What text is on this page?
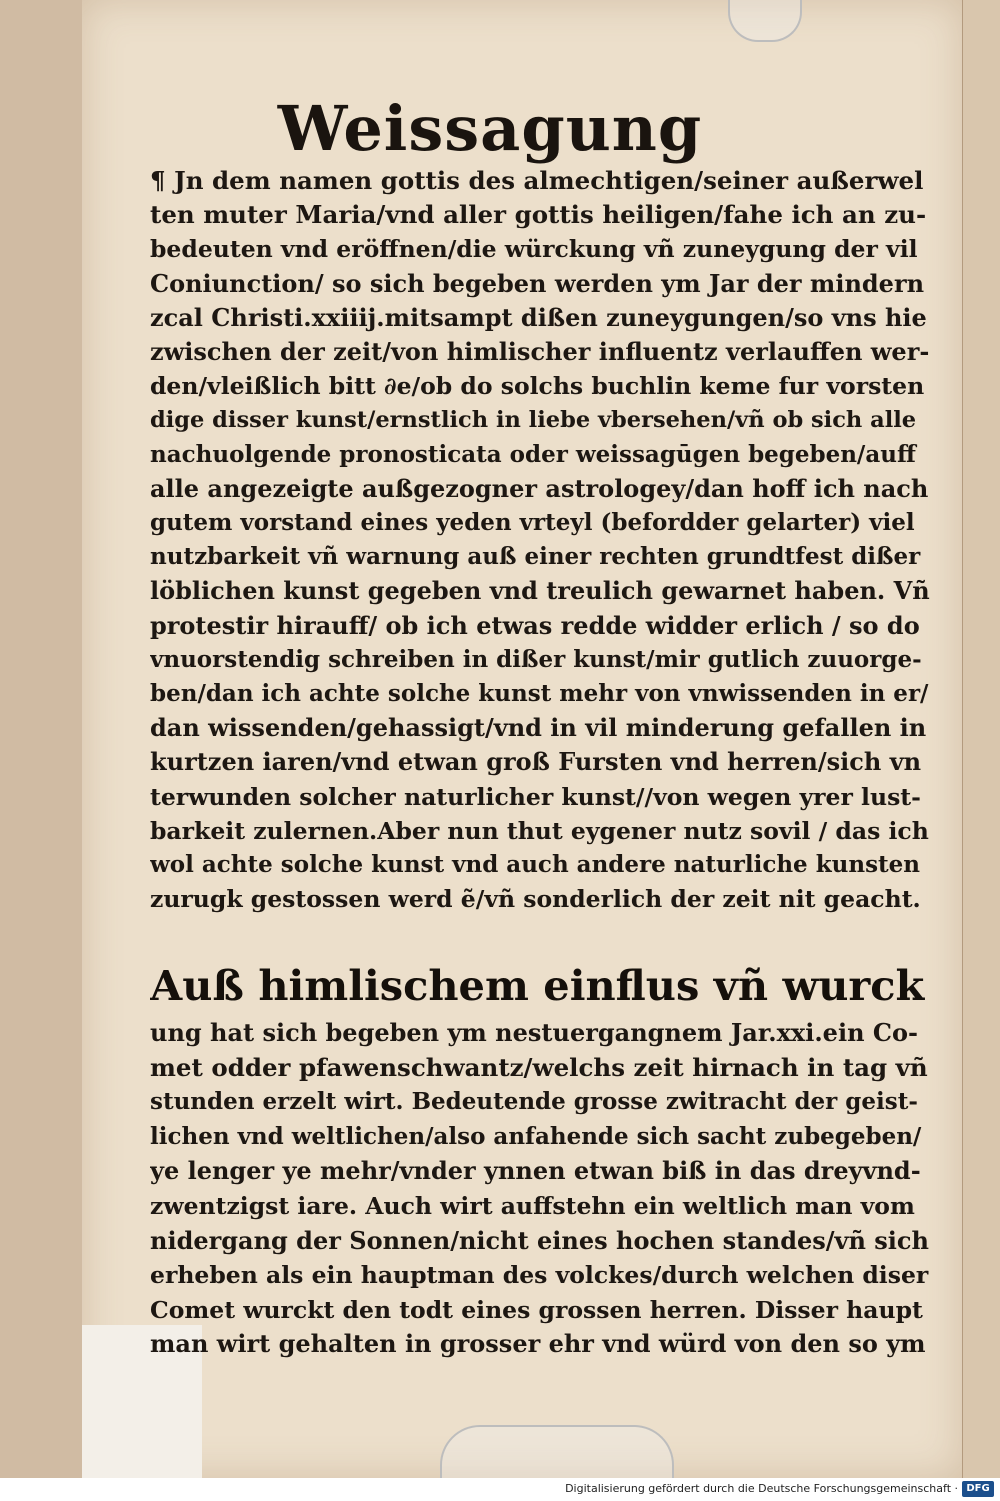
Weissagung
¶ Jn dem namen gottis des almechtigen/seiner außerwel
ten muter Maria/vnd aller gottis heiligen/fahe ich an zu-
bedeuten vnd eröffnen/die würckung vñ zuneygung der vil
Coniunction/ so sich begeben werden ym Jar der mindern
zcal Christi.xxiiij.mitsampt dißen zuneygungen/so vns hie
zwischen der zeit/von himlischer influentz verlauffen wer-
den/vleißlich bitt ∂e/ob do solchs buchlin keme fur vorsten
dige disser kunst/ernstlich in liebe vbersehen/vñ ob sich alle
nachuolgende pronosticata oder weissagūgen begeben/auff
alle angezeigte außgezogner astrologey/dan hoff ich nach
gutem vorstand eines yeden vrteyl (befordder gelarter) viel
nutzbarkeit vñ warnung auß einer rechten grundtfest dißer
löblichen kunst gegeben vnd treulich gewarnet haben. Vñ
protestir hirauff/ ob ich etwas redde widder erlich / so do
vnuorstendig schreiben in dißer kunst/mir gutlich zuuorge-
ben/dan ich achte solche kunst mehr von vnwissenden in er/
dan wissenden/gehassigt/vnd in vil minderung gefallen in
kurtzen iaren/vnd etwan groß Fursten vnd herren/sich vn
terwunden solcher naturlicher kunst//von wegen yrer lust-
barkeit zulernen.Aber nun thut eygener nutz sovil / das ich
wol achte solche kunst vnd auch andere naturliche kunsten
zurugk gestossen werd ẽ/vñ sonderlich der zeit nit geacht.
Auß himlischem einflus vñ wurck
ung hat sich begeben ym nestuergangnem Jar.xxi.ein Co-
met odder pfawenschwantz/welchs zeit hirnach in tag vñ
stunden erzelt wirt. Bedeutende grosse zwitracht der geist-
lichen vnd weltlichen/also anfahende sich sacht zubegeben/
ye lenger ye mehr/vnder ynnen etwan biß in das dreyvnd-
zwentzigst iare. Auch wirt auffstehn ein weltlich man vom
nidergang der Sonnen/nicht eines hochen standes/vñ sich
erheben als ein hauptman des volckes/durch welchen diser
Comet wurckt den todt eines grossen herren. Disser haupt
man wirt gehalten in grosser ehr vnd würd von den so ym
Digitalisierung gefördert durch die Deutsche Forschungsgemeinschaft · DFG
